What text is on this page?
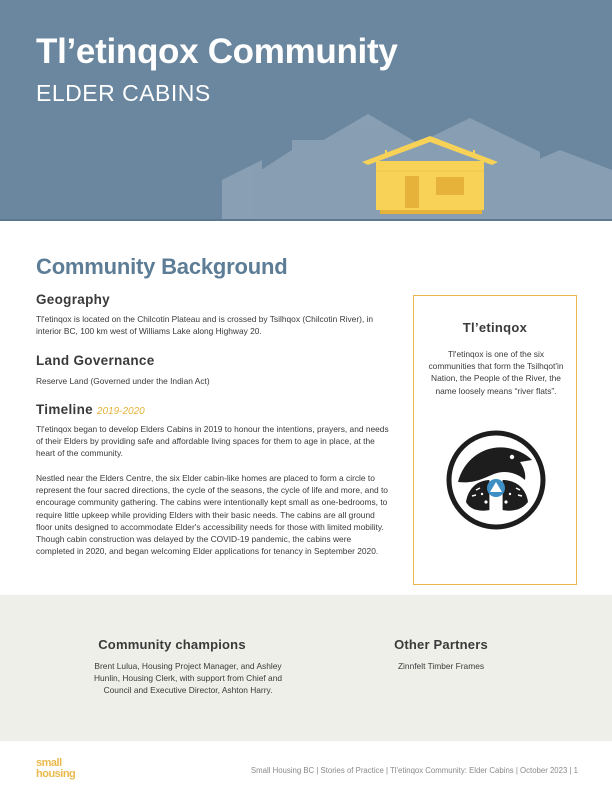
Tl’etinqox Community
ELDER CABINS
Community Background
Geography
Tl'etinqox is located on the Chilcotin Plateau and is crossed by Tsilhqox (Chilcotin River), in interior BC, 100 km west of Williams Lake along Highway 20.
Land Governance
Reserve Land (Governed under the Indian Act)
Timeline 2019-2020
Tl'etinqox began to develop Elders Cabins in 2019 to honour the intentions, prayers, and needs of their Elders by providing safe and affordable living spaces for them to age in place, at the heart of the community.
Nestled near the Elders Centre, the six Elder cabin-like homes are placed to form a circle to represent the four sacred directions, the cycle of the seasons, the cycle of life and more, and to encourage community gathering. The cabins were intentionally kept small as one-bedrooms, to require little upkeep while providing Elders with their basic needs. The cabins are all ground floor units designed to accommodate Elder's accessibility needs for those with limited mobility. Though cabin construction was delayed by the COVID-19 pandemic, the cabins were completed in 2020, and began welcoming Elder applications for tenancy in September 2020.
Tl’etinqox
Tl'etinqox is one of the six communities that form the Tsilhqot'in Nation, the People of the River, the name loosely means “river flats”.
Community champions
Brent Lulua, Housing Project Manager, and Ashley Hunlin, Housing Clerk, with support from Chief and Council and Executive Director, Ashton Harry.
Other Partners
Zinnfelt Timber Frames
small
housing	Small Housing BC | Stories of Practice | Tl'etinqox Community: Elder Cabins | October 2023 | 1
